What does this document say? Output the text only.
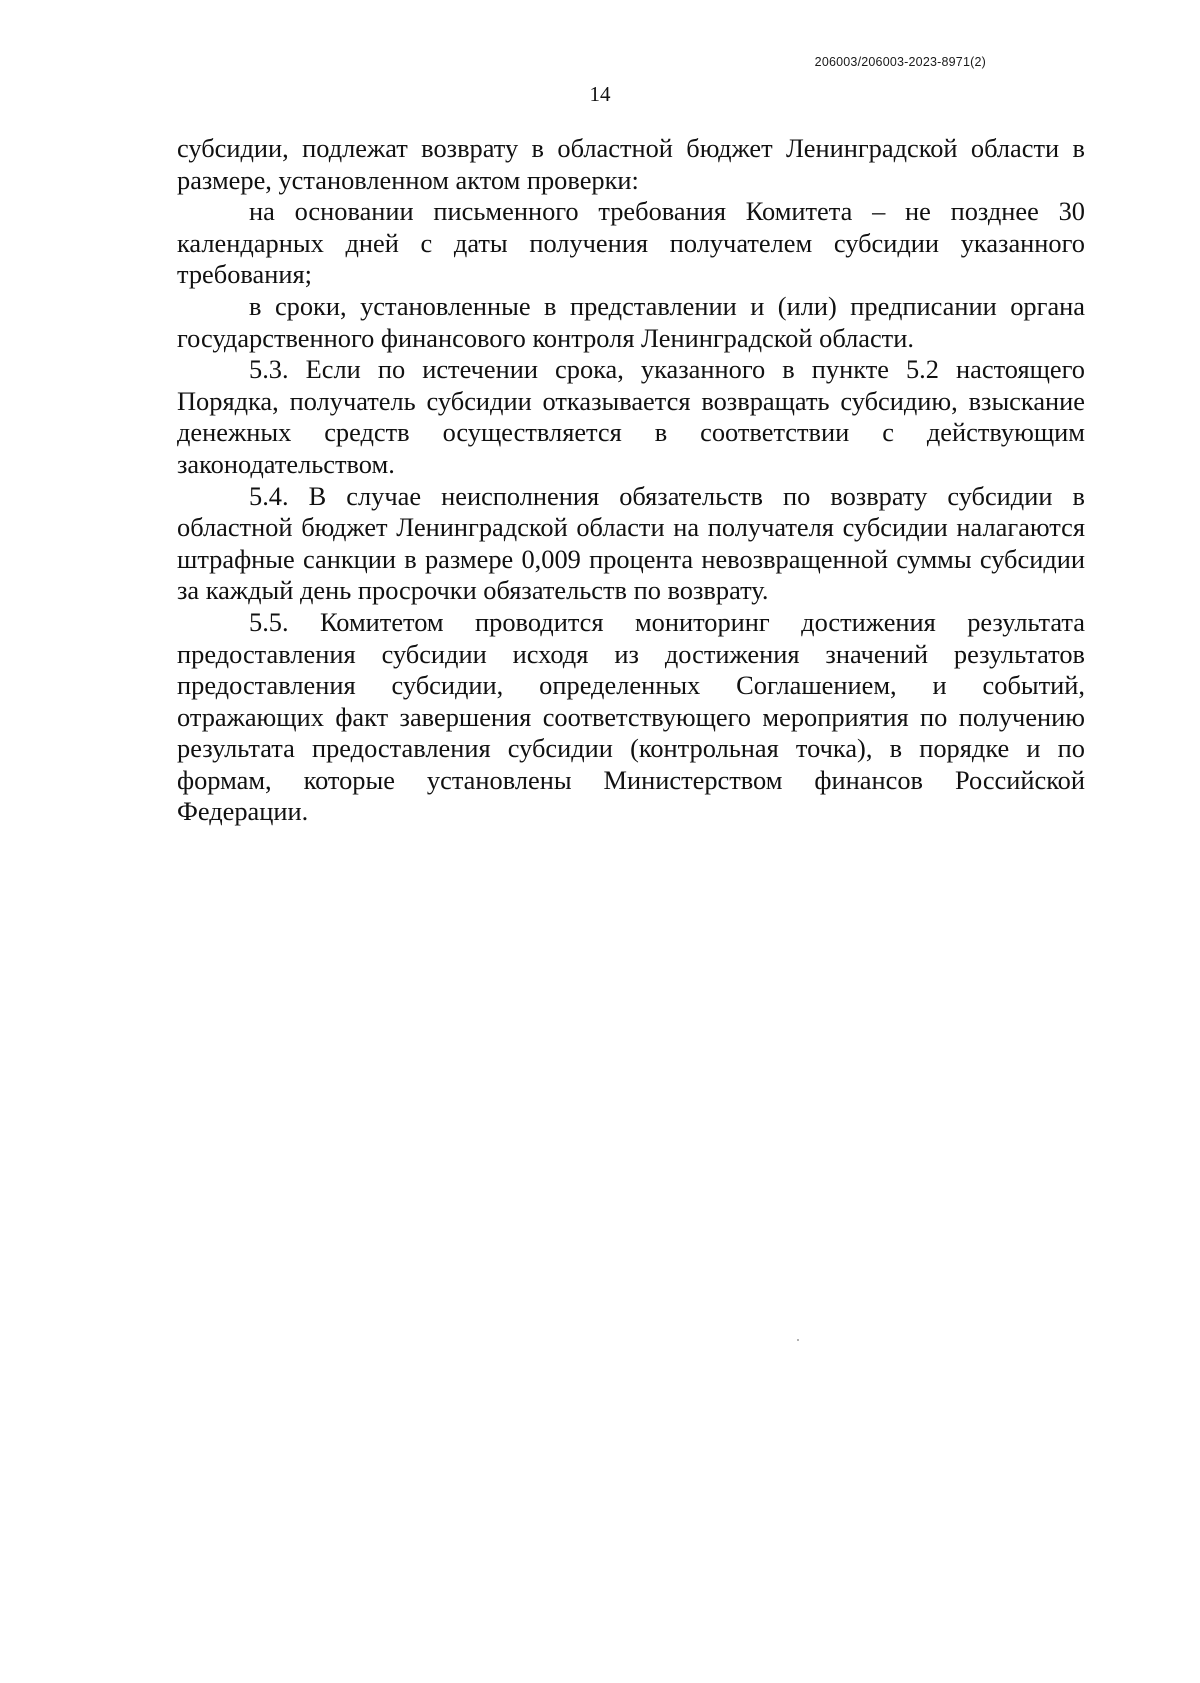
206003/206003-2023-8971(2)
14

субсидии, подлежат возврату в областной бюджет Ленинградской области в размере, установленном актом проверки:

на основании письменного требования Комитета – не позднее 30 календарных дней с даты получения получателем субсидии указанного требования;

в сроки, установленные в представлении и (или) предписании органа государственного финансового контроля Ленинградской области.

5.3. Если по истечении срока, указанного в пункте 5.2 настоящего Порядка, получатель субсидии отказывается возвращать субсидию, взыскание денежных средств осуществляется в соответствии с действующим законодательством.

5.4. В случае неисполнения обязательств по возврату субсидии в областной бюджет Ленинградской области на получателя субсидии налагаются штрафные санкции в размере 0,009 процента невозвращенной суммы субсидии за каждый день просрочки обязательств по возврату.

5.5. Комитетом проводится мониторинг достижения результата предоставления субсидии исходя из достижения значений результатов предоставления субсидии, определенных Соглашением, и событий, отражающих факт завершения соответствующего мероприятия по получению результата предоставления субсидии (контрольная точка), в порядке и по формам, которые установлены Министерством финансов Российской Федерации.
